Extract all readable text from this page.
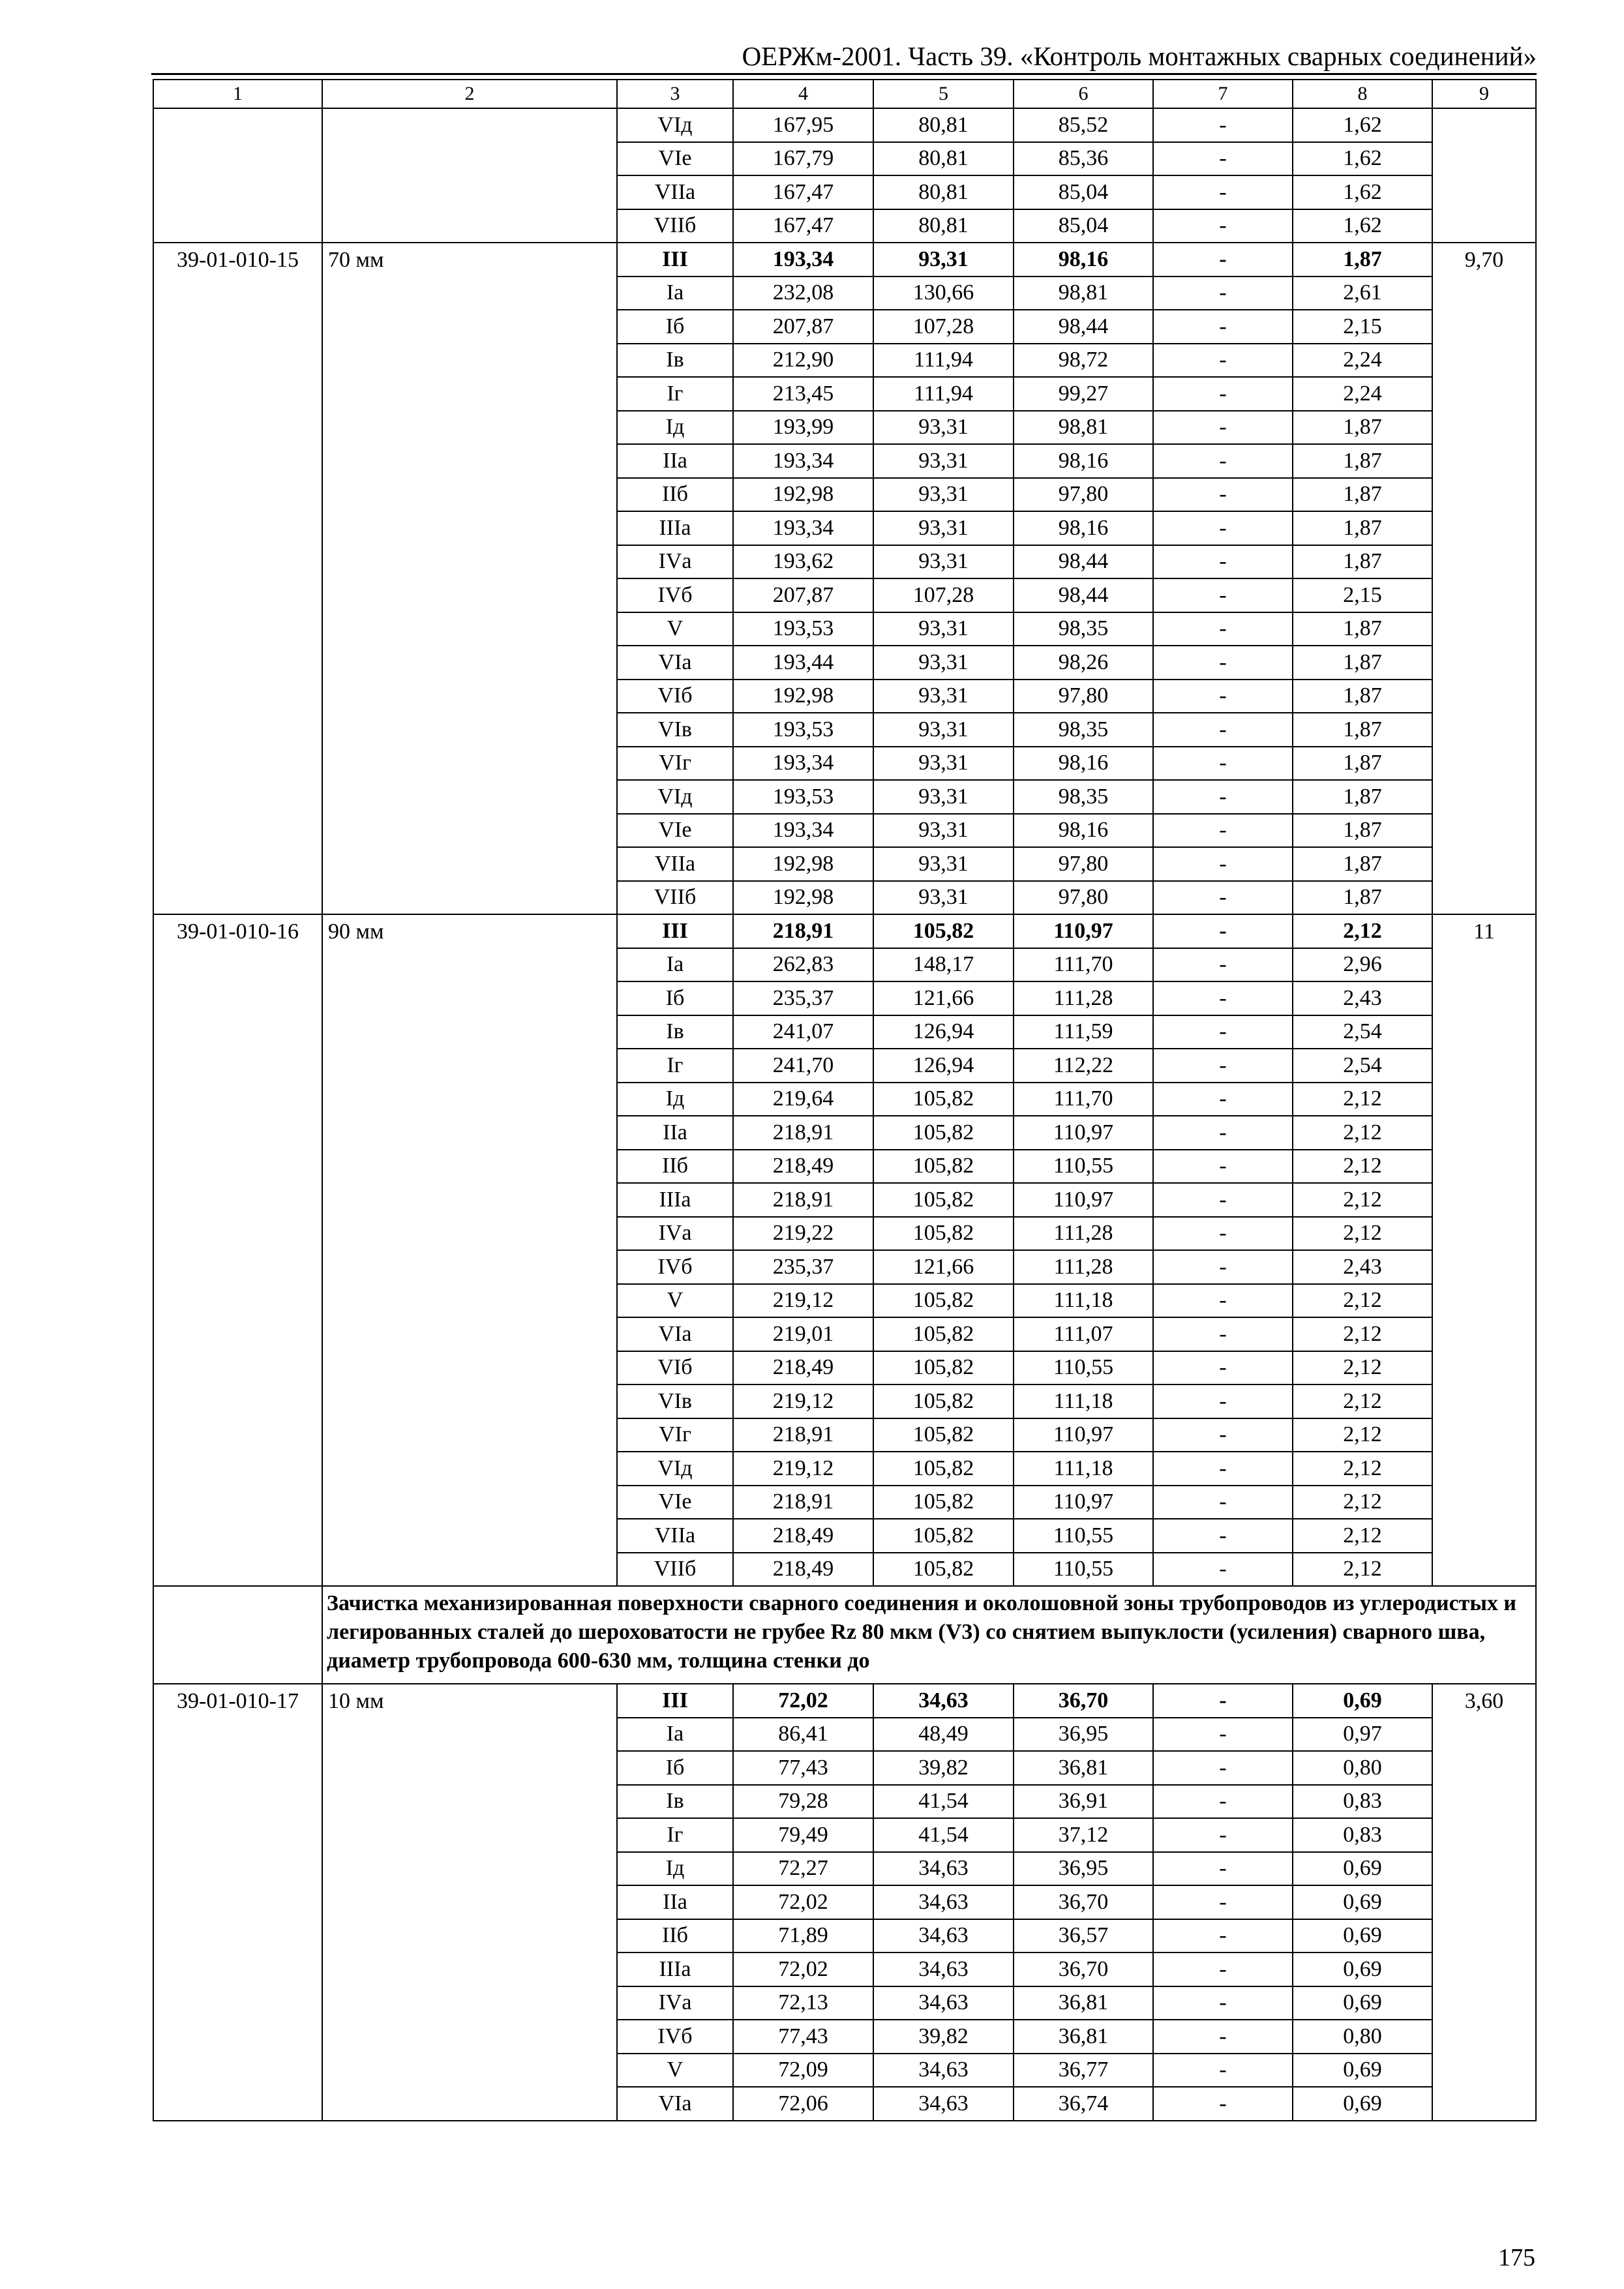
ОЕРЖм-2001. Часть 39. «Контроль монтажных сварных соединений»
1	2	3	4	5	6	7	8	9
		VIд	167,95	80,81	85,52	-	1,62	
		VIе	167,79	80,81	85,36	-	1,62	
		VIIа	167,47	80,81	85,04	-	1,62	
		VIIб	167,47	80,81	85,04	-	1,62	
39-01-010-15	70 мм	III	193,34	93,31	98,16	-	1,87	9,70
		Iа	232,08	130,66	98,81	-	2,61	
		Iб	207,87	107,28	98,44	-	2,15	
		Iв	212,90	111,94	98,72	-	2,24	
		Iг	213,45	111,94	99,27	-	2,24	
		Iд	193,99	93,31	98,81	-	1,87	
		IIа	193,34	93,31	98,16	-	1,87	
		IIб	192,98	93,31	97,80	-	1,87	
		IIIа	193,34	93,31	98,16	-	1,87	
		IVа	193,62	93,31	98,44	-	1,87	
		IVб	207,87	107,28	98,44	-	2,15	
		V	193,53	93,31	98,35	-	1,87	
		VIа	193,44	93,31	98,26	-	1,87	
		VIб	192,98	93,31	97,80	-	1,87	
		VIв	193,53	93,31	98,35	-	1,87	
		VIг	193,34	93,31	98,16	-	1,87	
		VIд	193,53	93,31	98,35	-	1,87	
		VIе	193,34	93,31	98,16	-	1,87	
		VIIа	192,98	93,31	97,80	-	1,87	
		VIIб	192,98	93,31	97,80	-	1,87	
39-01-010-16	90 мм	III	218,91	105,82	110,97	-	2,12	11
		Iа	262,83	148,17	111,70	-	2,96	
		Iб	235,37	121,66	111,28	-	2,43	
		Iв	241,07	126,94	111,59	-	2,54	
		Iг	241,70	126,94	112,22	-	2,54	
		Iд	219,64	105,82	111,70	-	2,12	
		IIа	218,91	105,82	110,97	-	2,12	
		IIб	218,49	105,82	110,55	-	2,12	
		IIIа	218,91	105,82	110,97	-	2,12	
		IVа	219,22	105,82	111,28	-	2,12	
		IVб	235,37	121,66	111,28	-	2,43	
		V	219,12	105,82	111,18	-	2,12	
		VIа	219,01	105,82	111,07	-	2,12	
		VIб	218,49	105,82	110,55	-	2,12	
		VIв	219,12	105,82	111,18	-	2,12	
		VIг	218,91	105,82	110,97	-	2,12	
		VIд	219,12	105,82	111,18	-	2,12	
		VIе	218,91	105,82	110,97	-	2,12	
		VIIа	218,49	105,82	110,55	-	2,12	
		VIIб	218,49	105,82	110,55	-	2,12	
	Зачистка механизированная поверхности сварного соединения и околошовной зоны трубопроводов из углеродистых и легированных сталей до шероховатости не грубее Rz 80 мкм (V3) со снятием выпуклости (усиления) сварного шва, диаметр трубопровода 600-630 мм, толщина стенки до							
39-01-010-17	10 мм	III	72,02	34,63	36,70	-	0,69	3,60
		Iа	86,41	48,49	36,95	-	0,97	
		Iб	77,43	39,82	36,81	-	0,80	
		Iв	79,28	41,54	36,91	-	0,83	
		Iг	79,49	41,54	37,12	-	0,83	
		Iд	72,27	34,63	36,95	-	0,69	
		IIа	72,02	34,63	36,70	-	0,69	
		IIб	71,89	34,63	36,57	-	0,69	
		IIIа	72,02	34,63	36,70	-	0,69	
		IVа	72,13	34,63	36,81	-	0,69	
		IVб	77,43	39,82	36,81	-	0,80	
		V	72,09	34,63	36,77	-	0,69	
		VIа	72,06	34,63	36,74	-	0,69	
175
